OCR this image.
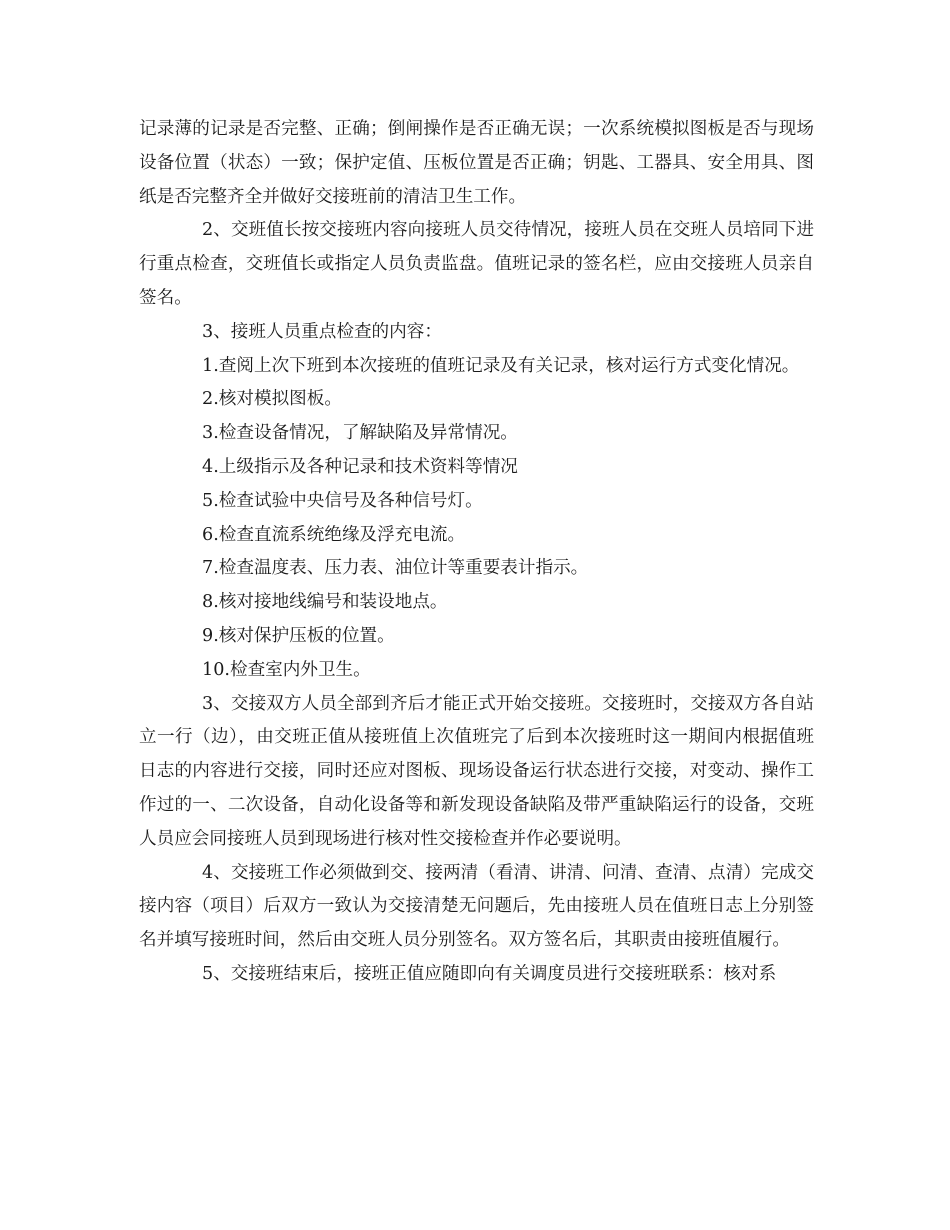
记录薄的记录是否完整、正确；倒闸操作是否正确无误；一次系统模拟图板是否与现场设备位置（状态）一致；保护定值、压板位置是否正确；钥匙、工器具、安全用具、图纸是否完整齐全并做好交接班前的清洁卫生工作。

2、交班值长按交接班内容向接班人员交待情况，接班人员在交班人员培同下进行重点检查，交班值长或指定人员负责监盘。值班记录的签名栏，应由交接班人员亲自签名。

3、接班人员重点检查的内容：

1.查阅上次下班到本次接班的值班记录及有关记录，核对运行方式变化情况。

2.核对模拟图板。

3.检查设备情况，了解缺陷及异常情况。

4.上级指示及各种记录和技术资料等情况

5.检查试验中央信号及各种信号灯。

6.检查直流系统绝缘及浮充电流。

7.检查温度表、压力表、油位计等重要表计指示。

8.核对接地线编号和装设地点。

9.核对保护压板的位置。

10.检查室内外卫生。

3、交接双方人员全部到齐后才能正式开始交接班。交接班时，交接双方各自站立一行（边），由交班正值从接班值上次值班完了后到本次接班时这一期间内根据值班日志的内容进行交接，同时还应对图板、现场设备运行状态进行交接，对变动、操作工作过的一、二次设备，自动化设备等和新发现设备缺陷及带严重缺陷运行的设备，交班人员应会同接班人员到现场进行核对性交接检查并作必要说明。

4、交接班工作必须做到交、接两清（看清、讲清、问清、查清、点清）完成交接内容（项目）后双方一致认为交接清楚无问题后，先由接班人员在值班日志上分别签名并填写接班时间，然后由交班人员分别签名。双方签名后，其职责由接班值履行。

5、交接班结束后，接班正值应随即向有关调度员进行交接班联系：核对系
